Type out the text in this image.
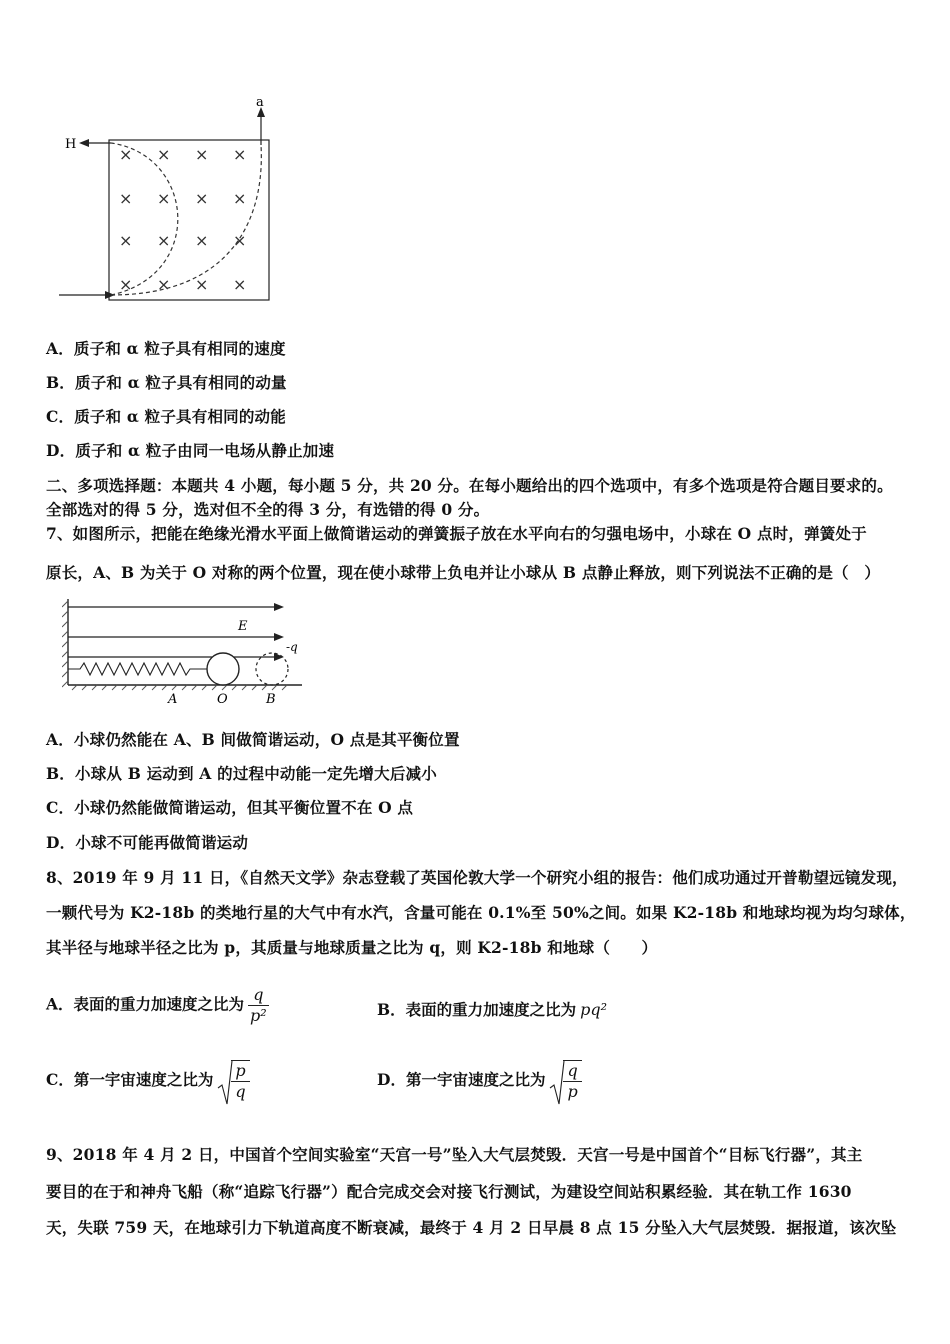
a
H
× × × ×
× × × ×
× × × ×
× × × ×
A．质子和 α 粒子具有相同的速度
B．质子和 α 粒子具有相同的动量
C．质子和 α 粒子具有相同的动能
D．质子和 α 粒子由同一电场从静止加速
二、多项选择题：本题共 4 小题，每小题 5 分，共 20 分。在每小题给出的四个选项中，有多个选项是符合题目要求的。
全部选对的得 5 分，选对但不全的得 3 分，有选错的得 0 分。
7、如图所示，把能在绝缘光滑水平面上做简谐运动的弹簧振子放在水平向右的匀强电场中，小球在 O 点时，弹簧处于
原长，A、B 为关于 O 对称的两个位置，现在使小球带上负电并让小球从 B 点静止释放，则下列说法不正确的是（　）
E
-q
A	O	B
A．小球仍然能在 A、B 间做简谐运动，O 点是其平衡位置
B．小球从 B 运动到 A 的过程中动能一定先增大后减小
C．小球仍然能做简谐运动，但其平衡位置不在 O 点
D．小球不可能再做简谐运动
8、2019 年 9 月 11 日，《自然天文学》杂志登载了英国伦敦大学一个研究小组的报告：他们成功通过开普勒望远镜发现，
一颗代号为 K2-18b 的类地行星的大气中有水汽，含量可能在 0.1%至 50%之间。如果 K2-18b 和地球均视为均匀球体，
其半径与地球半径之比为 p，其质量与地球质量之比为 q，则 K2-18b 和地球（　　）
A．表面的重力加速度之比为 $\frac{q}{\text{p²}}$	B．表面的重力加速度之比为 pq²
C．第一宇宙速度之比为 $\frac{p}{q}$	D．第一宇宙速度之比为 $\frac{q}{p}$
9、2018 年 4 月 2 日，中国首个空间实验室“天宫一号”坠入大气层焚毁．天宫一号是中国首个“目标飞行器”，其主
要目的在于和神舟飞船（称“追踪飞行器”）配合完成交会对接飞行测试，为建设空间站积累经验．其在轨工作 1630
天，失联 759 天，在地球引力下轨道高度不断衰减，最终于 4 月 2 日早晨 8 点 15 分坠入大气层焚毁．据报道，该次坠
